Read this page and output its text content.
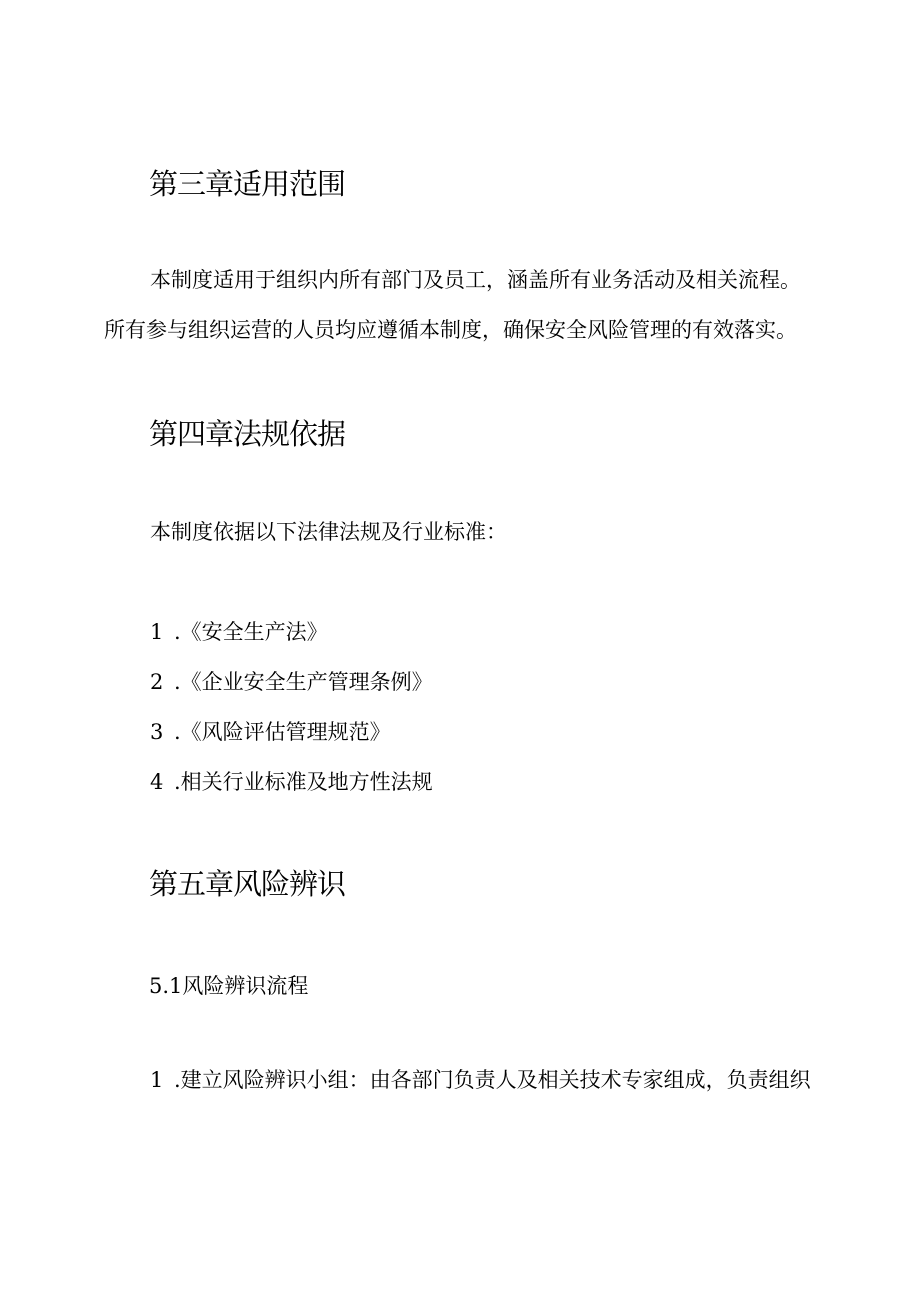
第三章适用范围

本制度适用于组织内所有部门及员工，涵盖所有业务活动及相关流程。

所有参与组织运营的人员均应遵循本制度，确保安全风险管理的有效落实。

第四章法规依据

本制度依据以下法律法规及行业标准：

1 .《安全生产法》

2 .《企业安全生产管理条例》

3 .《风险评估管理规范》

4 .相关行业标准及地方性法规

第五章风险辨识

5.1风险辨识流程

1 .建立风险辨识小组：由各部门负责人及相关技术专家组成，负责组织
